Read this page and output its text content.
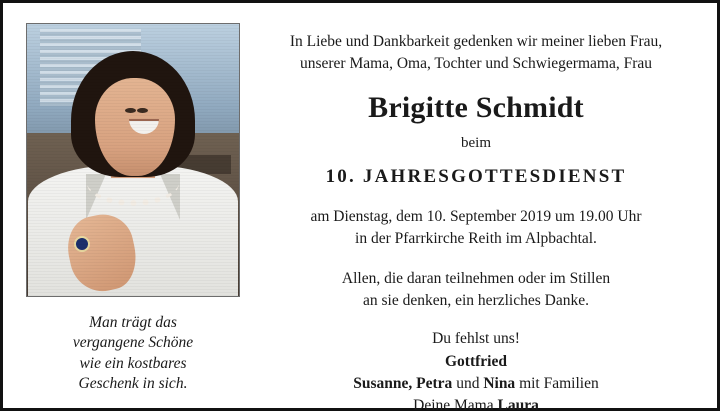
Man trägt das
vergangene Schöne
wie ein kostbares
Geschenk in sich.
In Liebe und Dankbarkeit gedenken wir meiner lieben Frau,
unserer Mama, Oma, Tochter und Schwiegermama, Frau
Brigitte Schmidt
beim
10. JAHRESGOTTESDIENST
am Dienstag, dem 10. September 2019 um 19.00 Uhr
in der Pfarrkirche Reith im Alpbachtal.
Allen, die daran teilnehmen oder im Stillen
an sie denken, ein herzliches Danke.
Du fehlst uns!
Gottfried
Susanne, Petra und Nina mit Familien
Deine Mama Laura
